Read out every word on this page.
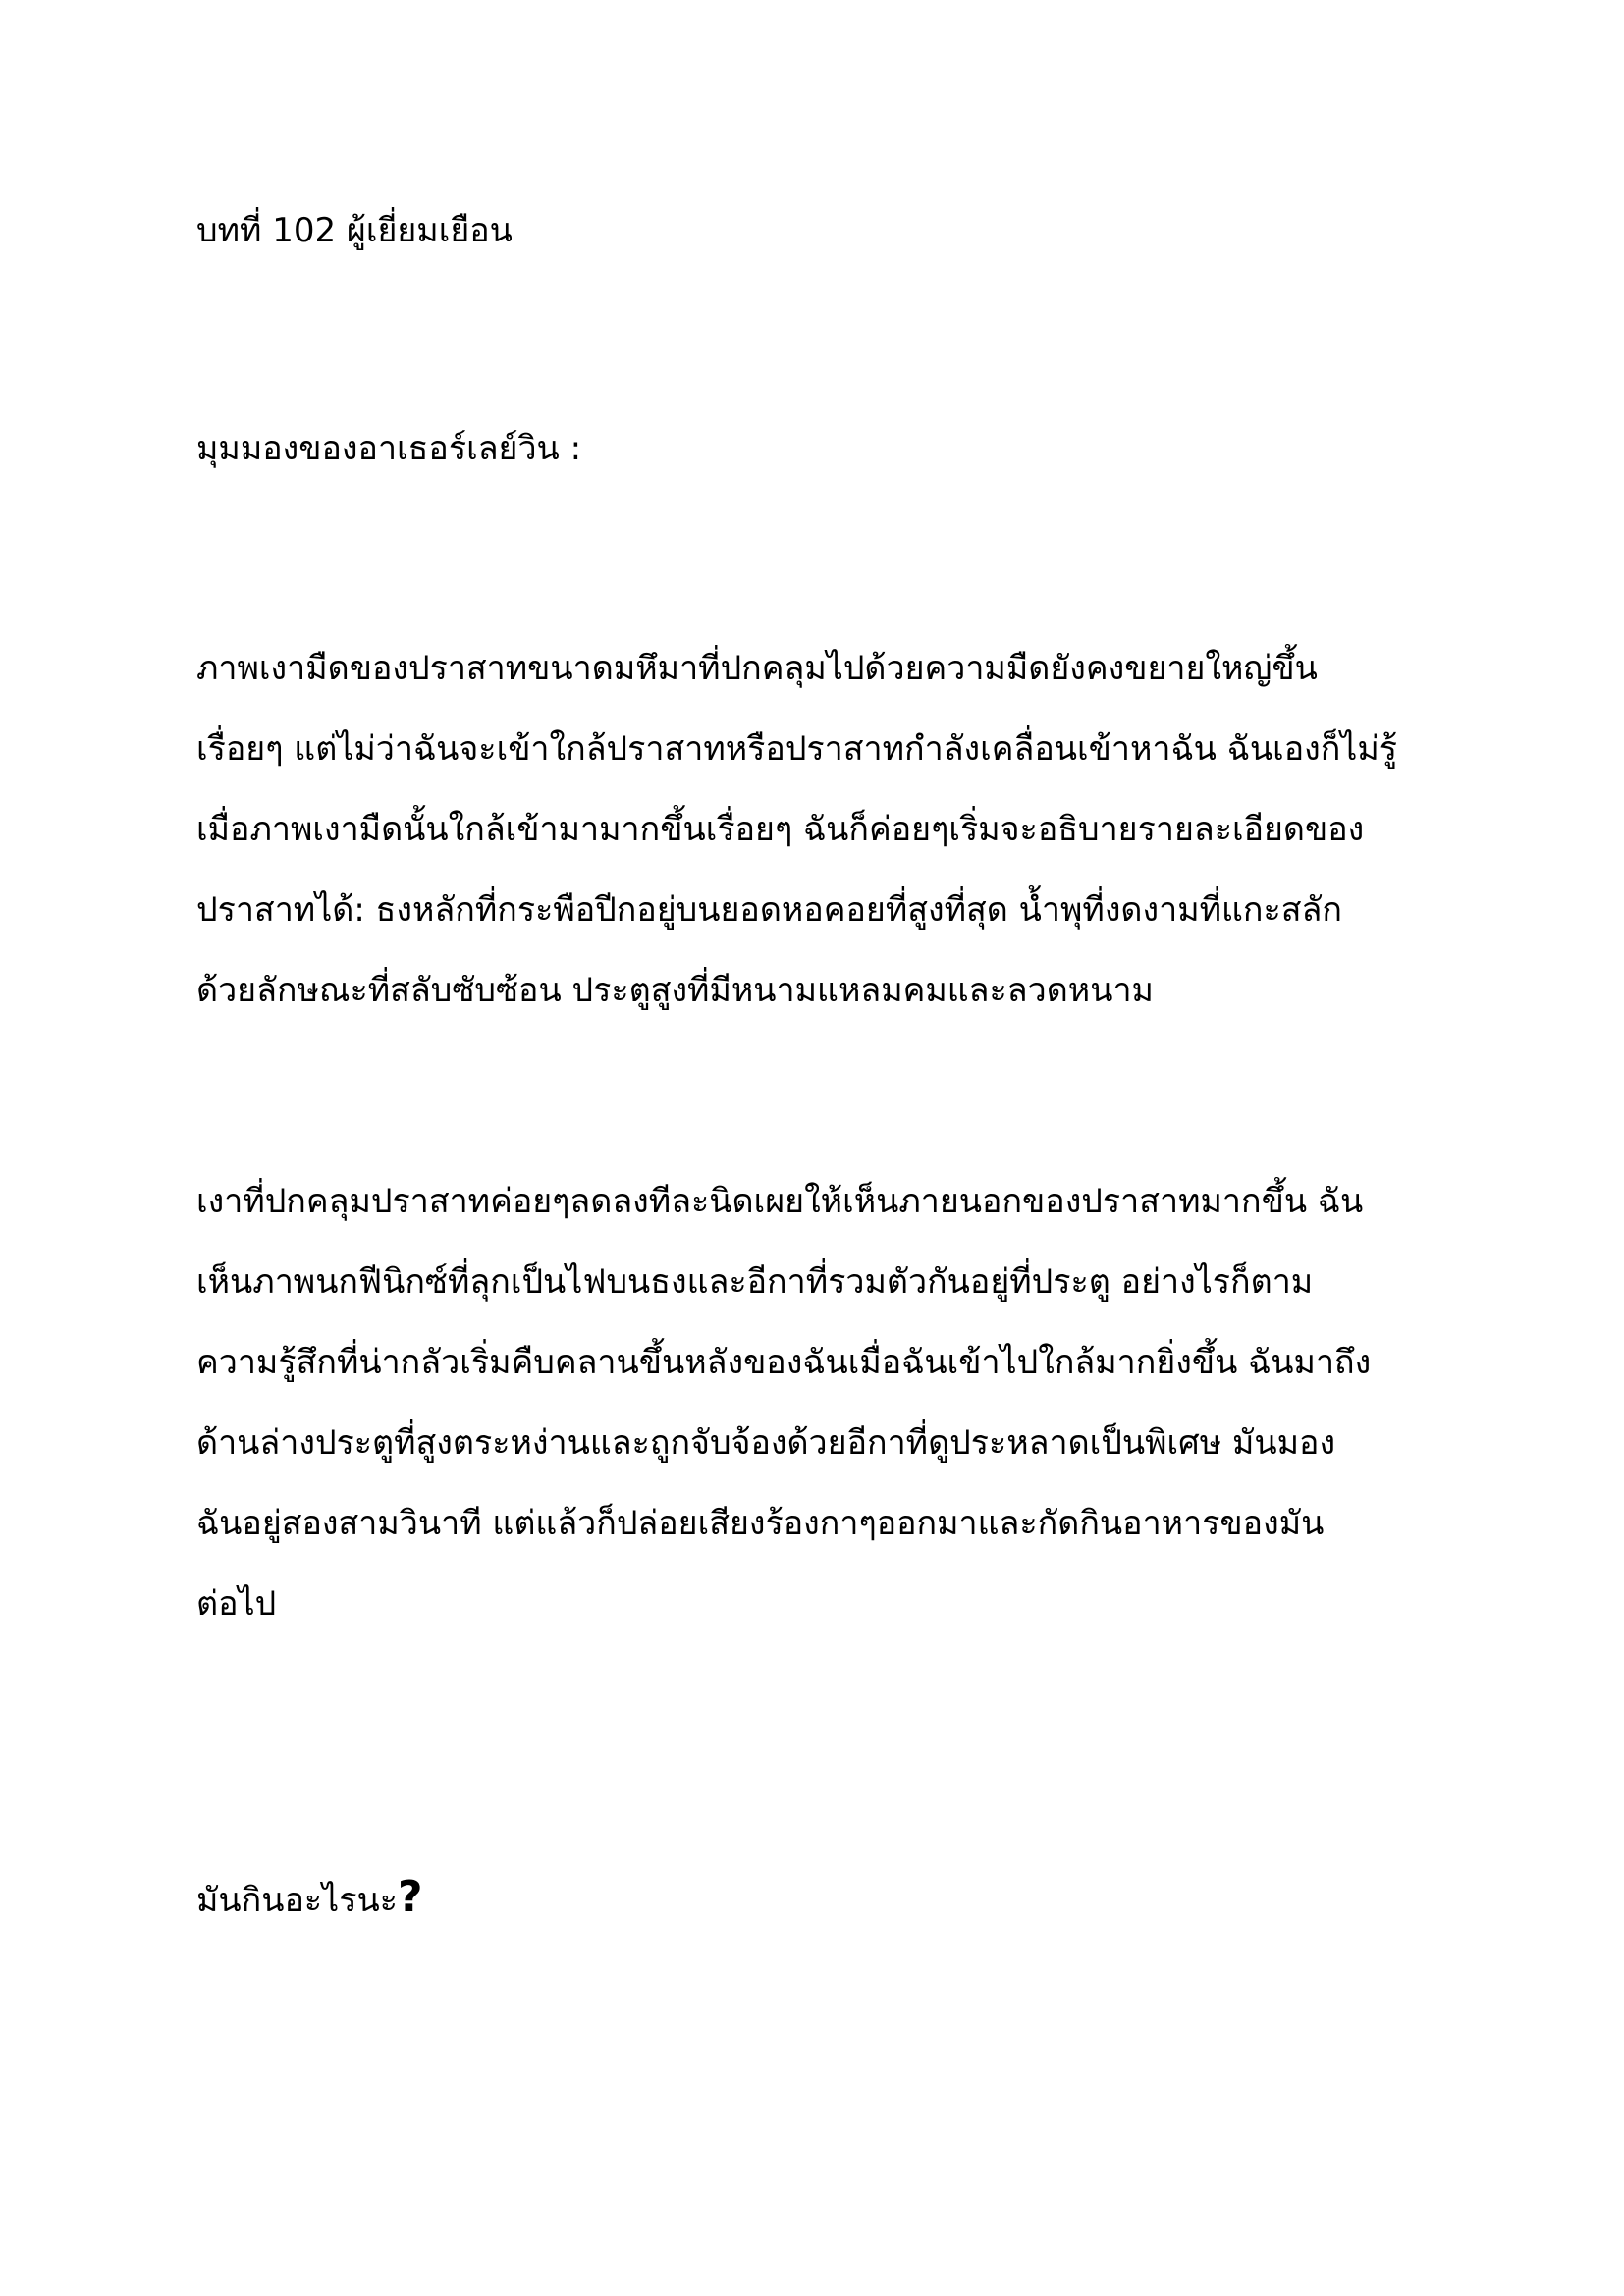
บทที่ 102 ผู้เยี่ยมเยือน

มุมมองของอาเธอร์เลย์วิน :

ภาพเงามืดของปราสาทขนาดมหึมาที่ปกคลุมไปด้วยความมืดยังคงขยายใหญ่ขึ้น
เรื่อยๆ แต่ไม่ว่าฉันจะเข้าใกล้ปราสาทหรือปราสาทกำลังเคลื่อนเข้าหาฉัน ฉันเองก็ไม่รู้
เมื่อภาพเงามืดนั้นใกล้เข้ามามากขึ้นเรื่อยๆ ฉันก็ค่อยๆเริ่มจะอธิบายรายละเอียดของ
ปราสาทได้: ธงหลักที่กระพือปีกอยู่บนยอดหอคอยที่สูงที่สุด น้ำพุที่งดงามที่แกะสลัก
ด้วยลักษณะที่สลับซับซ้อน ประตูสูงที่มีหนามแหลมคมและลวดหนาม
เงาที่ปกคลุมปราสาทค่อยๆลดลงทีละนิดเผยให้เห็นภายนอกของปราสาทมากขึ้น ฉัน
เห็นภาพนกฟีนิกซ์ที่ลุกเป็นไฟบนธงและอีกาที่รวมตัวกันอยู่ที่ประตู อย่างไรก็ตาม
ความรู้สึกที่น่ากลัวเริ่มคืบคลานขึ้นหลังของฉันเมื่อฉันเข้าไปใกล้มากยิ่งขึ้น ฉันมาถึง
ด้านล่างประตูที่สูงตระหง่านและถูกจับจ้องด้วยอีกาที่ดูประหลาดเป็นพิเศษ มันมอง
ฉันอยู่สองสามวินาที แต่แล้วก็ปล่อยเสียงร้องกาๆออกมาและกัดกินอาหารของมัน
ต่อไป

มันกินอะไรนะ?
